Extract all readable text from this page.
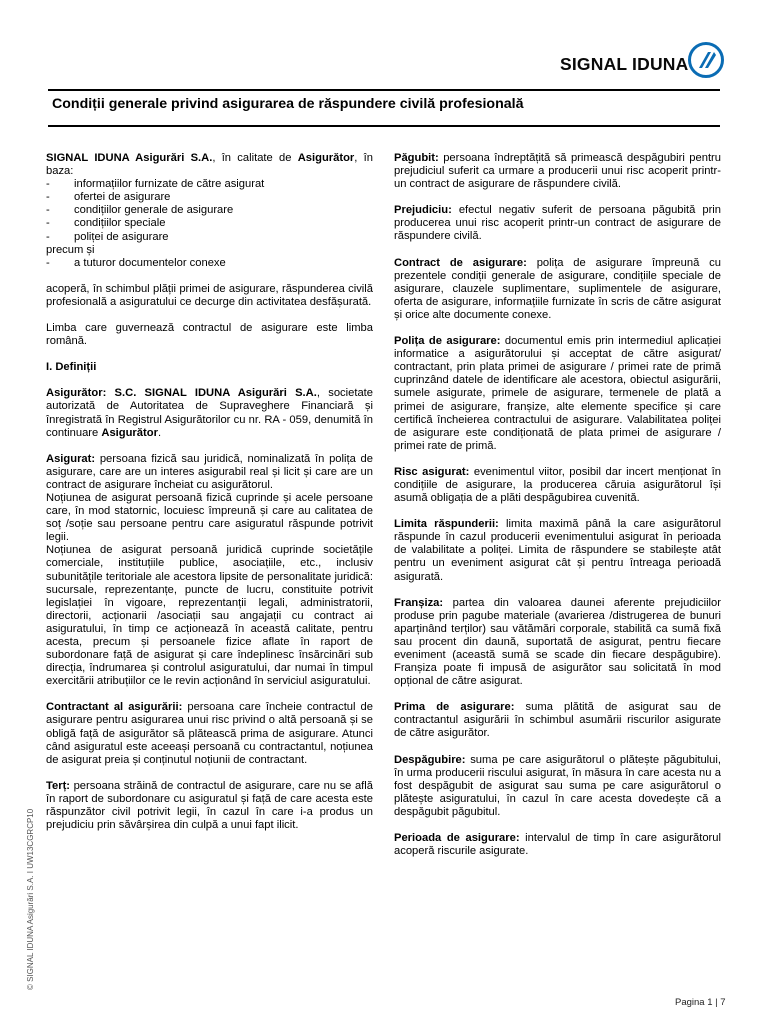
SIGNAL IDUNA
Condiții generale privind asigurarea de răspundere civilă profesională

SIGNAL IDUNA Asigurări S.A., în calitate de Asigurător, în baza:

- informațiilor furnizate de către asigurat
- ofertei de asigurare
- condițiilor generale de asigurare
- condițiilor speciale
- poliței de asigurare

precum și

- a tuturor documentelor conexe

acoperă, în schimbul plății primei de asigurare, răspunderea civilă profesională a asiguratului ce decurge din activitatea desfășurată.

Limba care guvernează contractul de asigurare este limba română.

I. Definiții

Asigurător: S.C. SIGNAL IDUNA Asigurări S.A., societate autorizată de Autoritatea de Supraveghere Financiară și înregistrată în Registrul Asigurătorilor cu nr. RA - 059, denumită în continuare Asigurător.

Asigurat: persoana fizică sau juridică, nominalizată în polița de asigurare, care are un interes asigurabil real și licit și care are un contract de asigurare încheiat cu asigurătorul.

Noțiunea de asigurat persoană fizică cuprinde și acele persoane care, în mod statornic, locuiesc împreună și care au calitatea de soț /soție sau persoane pentru care asiguratul răspunde potrivit legii.

Noțiunea de asigurat persoană juridică cuprinde societățile comerciale, instituțiile publice, asociațiile, etc., inclusiv subunitățile teritoriale ale acestora lipsite de personalitate juridică: sucursale, reprezentanțe, puncte de lucru, constituite potrivit legislației în vigoare, reprezentanții legali, administratorii, directorii, acționarii /asociații sau angajații cu contract ai asiguratului, în timp ce acționează în această calitate, pentru acesta, precum și persoanele fizice aflate în raport de subordonare față de asigurat și care îndeplinesc însărcinări sub direcția, îndrumarea și controlul asiguratului, dar numai în timpul exercitării atribuțiilor ce le revin acționând în serviciul asiguratului.

Contractant al asigurării: persoana care încheie contractul de asigurare pentru asigurarea unui risc privind o altă persoană și se obligă față de asigurător să plătească prima de asigurare. Atunci când asiguratul este aceeași persoană cu contractantul, noțiunea de asigurat preia și conținutul noțiunii de contractant.

Terț: persoana străină de contractul de asigurare, care nu se află în raport de subordonare cu asiguratul și față de care acesta este răspunzător civil potrivit legii, în cazul în care i-a produs un prejudiciu prin săvârșirea din culpă a unui fapt ilicit.

Păgubit: persoana îndreptățită să primească despăgubiri pentru prejudiciul suferit ca urmare a producerii unui risc acoperit printr-un contract de asigurare de răspundere civilă.

Prejudiciu: efectul negativ suferit de persoana păgubită prin producerea unui risc acoperit printr-un contract de asigurare de răspundere civilă.

Contract de asigurare: polița de asigurare împreună cu prezentele condiții generale de asigurare, condițiile speciale de asigurare, clauzele suplimentare, suplimentele de asigurare, oferta de asigurare, informațiile furnizate în scris de către asigurat și orice alte documente conexe.

Polița de asigurare: documentul emis prin intermediul aplicației informatice a asigurătorului și acceptat de către asigurat/ contractant, prin plata primei de asigurare / primei rate de primă cuprinzând datele de identificare ale acestora, obiectul asigurării, sumele asigurate, primele de asigurare, termenele de plată a primei de asigurare, franșize, alte elemente specifice și care certifică încheierea contractului de asigurare. Valabilitatea poliței de asigurare este condiționată de plata primei de asigurare / primei rate de primă.

Risc asigurat: evenimentul viitor, posibil dar incert menționat în condițiile de asigurare, la producerea căruia asigurătorul își asumă obligația de a plăti despăgubirea cuvenită.

Limita răspunderii: limita maximă până la care asigurătorul răspunde în cazul producerii evenimentului asigurat în perioada de valabilitate a poliței. Limita de răspundere se stabilește atât pentru un eveniment asigurat cât și pentru întreaga perioadă asigurată.

Franșiza: partea din valoarea daunei aferente prejudiciilor produse prin pagube materiale (avarierea /distrugerea de bunuri aparținând terților) sau vătămări corporale, stabilită ca sumă fixă sau procent din daună, suportată de asigurat, pentru fiecare eveniment (această sumă se scade din fiecare despăgubire). Franșiza poate fi impusă de asigurător sau solicitată în mod opțional de către asigurat.

Prima de asigurare: suma plătită de asigurat sau de contractantul asigurării în schimbul asumării riscurilor asigurate de către asigurător.

Despăgubire: suma pe care asigurătorul o plătește păgubitului, în urma producerii riscului asigurat, în măsura în care acesta nu a fost despăgubit de asigurat sau suma pe care asigurătorul o plătește asiguratului, în cazul în care acesta dovedește că a despăgubit păgubitul.

Perioada de asigurare: intervalul de timp în care asigurătorul acoperă riscurile asigurate.

© SIGNAL IDUNA Asigurări S.A. I UW13CGRCP10
Pagina 1 | 7
